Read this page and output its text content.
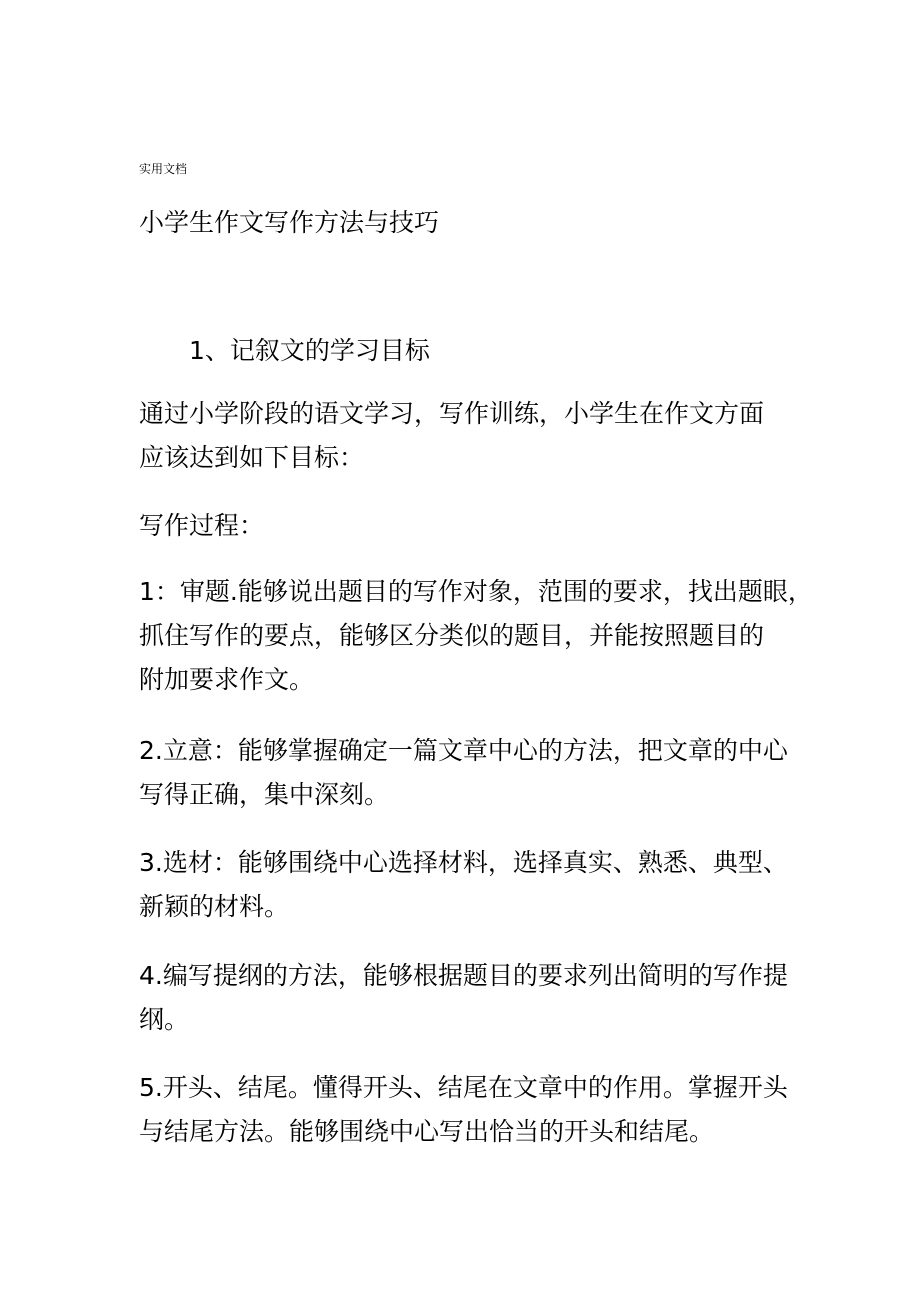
实用文档
小学生作文写作方法与技巧
1、记叙文的学习目标

通过小学阶段的语文学习，写作训练，小学生在作文方面
应该达到如下目标：

写作过程：

1：审题.能够说出题目的写作对象，范围的要求，找出题眼，
抓住写作的要点，能够区分类似的题目，并能按照题目的
附加要求作文。

2.立意：能够掌握确定一篇文章中心的方法，把文章的中心
写得正确，集中深刻。

3.选材：能够围绕中心选择材料，选择真实、熟悉、典型、
新颖的材料。

4.编写提纲的方法，能够根据题目的要求列出简明的写作提
纲。

5.开头、结尾。懂得开头、结尾在文章中的作用。掌握开头
与结尾方法。能够围绕中心写出恰当的开头和结尾。
